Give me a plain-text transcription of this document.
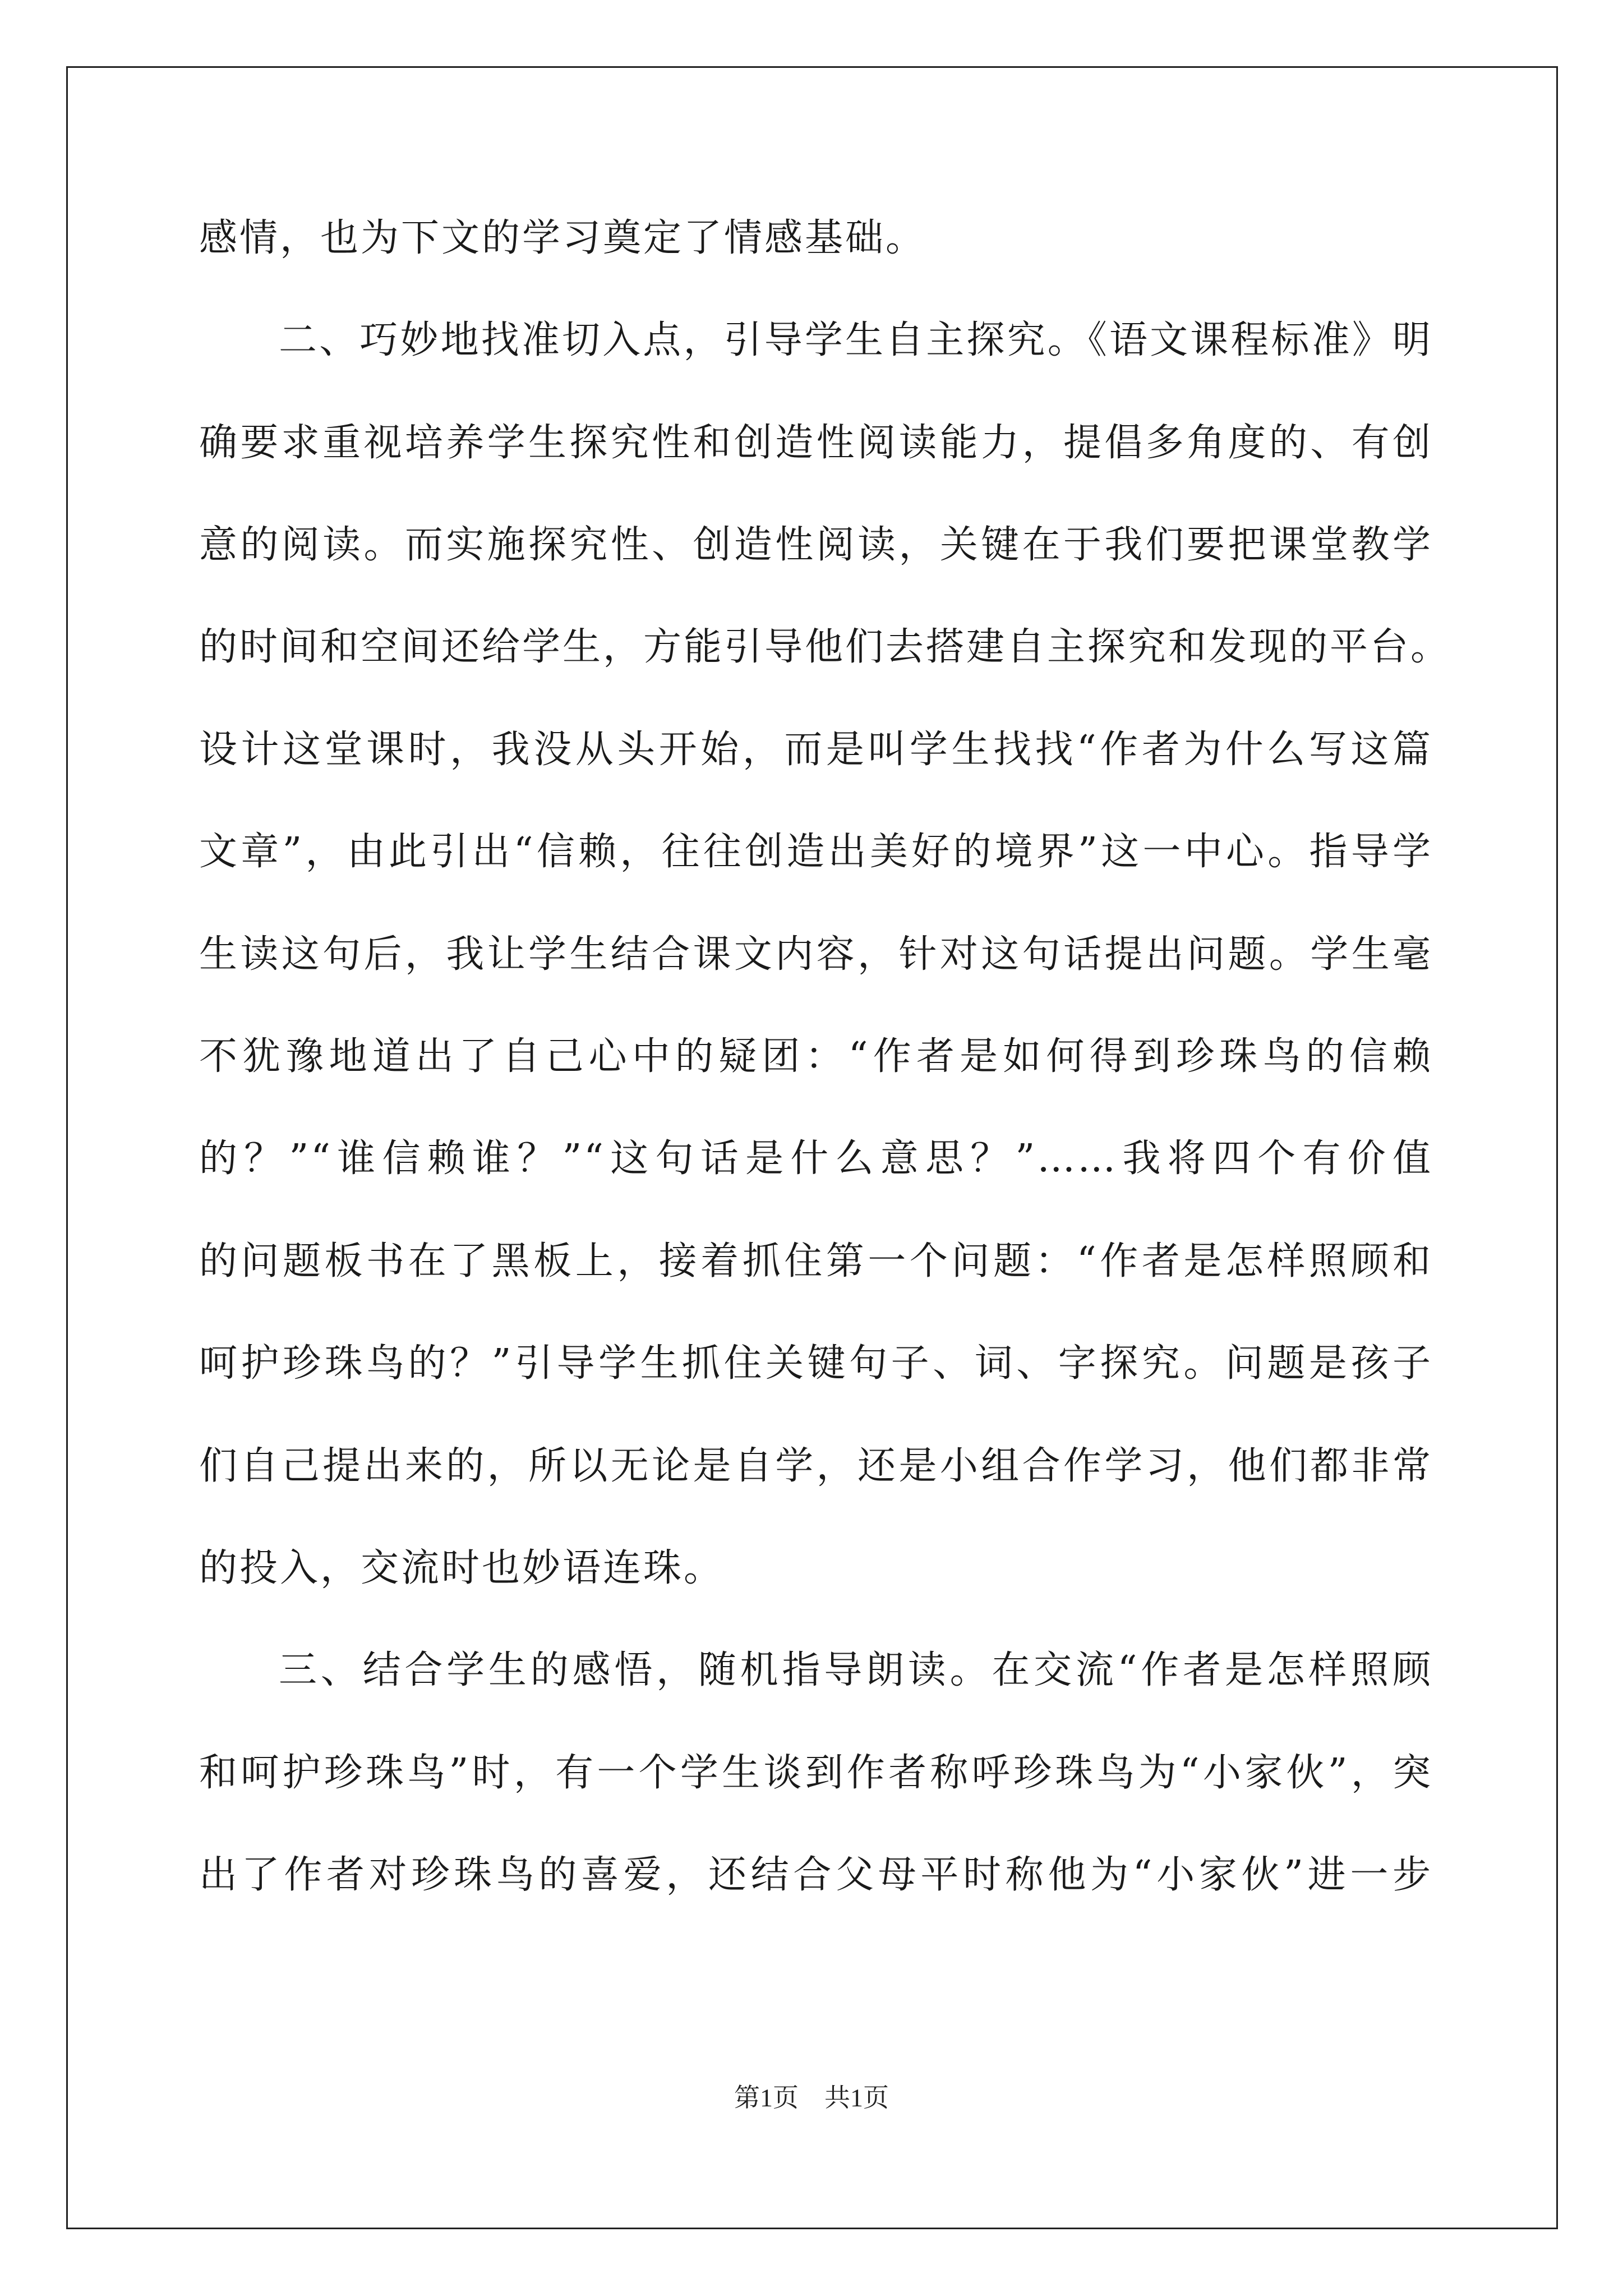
感情，也为下文的学习奠定了情感基础。
二、巧妙地找准切入点，引导学生自主探究。《语文课程标准》明
确要求重视培养学生探究性和创造性阅读能力，提倡多角度的、有创
意的阅读。而实施探究性、创造性阅读，关键在于我们要把课堂教学
的时间和空间还给学生，方能引导他们去搭建自主探究和发现的平台。
设计这堂课时，我没从头开始，而是叫学生找找“作者为什么写这篇
文章”，由此引出“信赖，往往创造出美好的境界”这一中心。指导学
生读这句后，我让学生结合课文内容，针对这句话提出问题。学生毫
不犹豫地道出了自己心中的疑团：“作者是如何得到珍珠鸟的信赖
的？”“谁信赖谁？”“这句话是什么意思？”……我将四个有价值
的问题板书在了黑板上，接着抓住第一个问题：“作者是怎样照顾和
呵护珍珠鸟的？”引导学生抓住关键句子、词、字探究。问题是孩子
们自己提出来的，所以无论是自学，还是小组合作学习，他们都非常
的投入，交流时也妙语连珠。
三、结合学生的感悟，随机指导朗读。在交流“作者是怎样照顾
和呵护珍珠鸟”时，有一个学生谈到作者称呼珍珠鸟为“小家伙”，突
出了作者对珍珠鸟的喜爱，还结合父母平时称他为“小家伙”进一步
第1页　共1页
